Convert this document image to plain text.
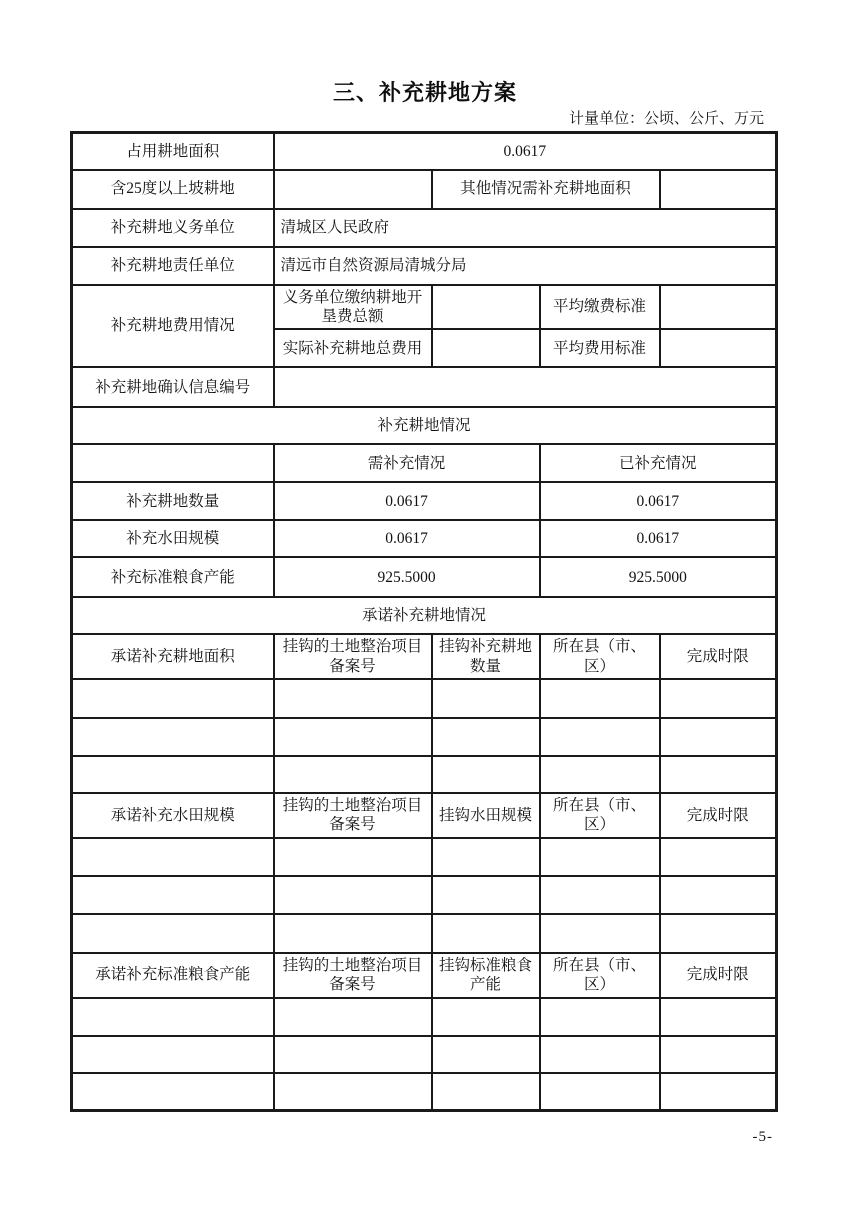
三、补充耕地方案
计量单位：公顷、公斤、万元
占用耕地面积	0.0617			
含25度以上坡耕地		其他情况需补充耕地面积		
补充耕地义务单位	清城区人民政府			
补充耕地责任单位	清远市自然资源局清城分局			
补充耕地费用情况	义务单位缴纳耕地开垦费总额		平均缴费标准	
	实际补充耕地总费用		平均费用标准	
补充耕地确认信息编号				
补充耕地情况				
	需补充情况		已补充情况	
补充耕地数量	0.0617		0.0617	
补充水田规模	0.0617		0.0617	
补充标准粮食产能	925.5000		925.5000	
承诺补充耕地情况				
承诺补充耕地面积	挂钩的土地整治项目备案号	挂钩补充耕地数量	所在县（市、区）	完成时限

承诺补充水田规模	挂钩的土地整治项目备案号	挂钩水田规模	所在县（市、区）	完成时限

承诺补充标准粮食产能	挂钩的土地整治项目备案号	挂钩标准粮食产能	所在县（市、区）	完成时限

-5-
